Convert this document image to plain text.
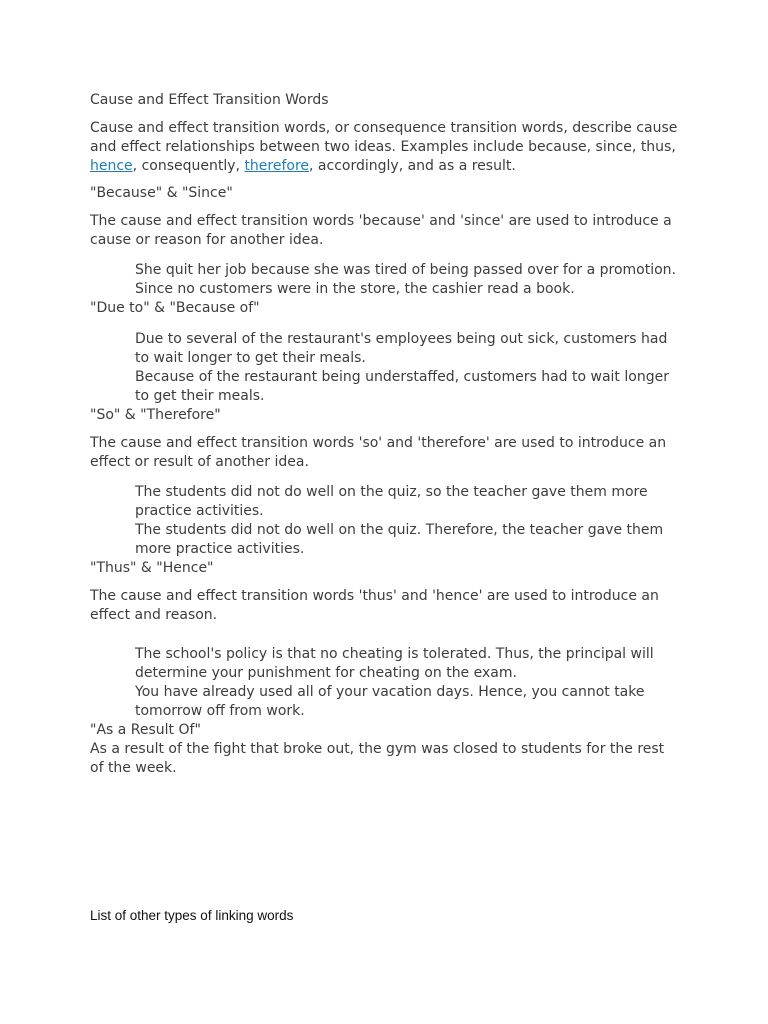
Cause and Effect Transition Words

Cause and effect transition words, or consequence transition words, describe cause and effect relationships between two ideas. Examples include because, since, thus, hence, consequently, therefore, accordingly, and as a result.

"Because" & "Since"

The cause and effect transition words 'because' and 'since' are used to introduce a cause or reason for another idea.

She quit her job because she was tired of being passed over for a promotion.

Since no customers were in the store, the cashier read a book.

"Due to" & "Because of"

Due to several of the restaurant's employees being out sick, customers had to wait longer to get their meals.

Because of the restaurant being understaffed, customers had to wait longer to get their meals.

"So" & "Therefore"

The cause and effect transition words 'so' and 'therefore' are used to introduce an effect or result of another idea.

The students did not do well on the quiz, so the teacher gave them more practice activities.

The students did not do well on the quiz. Therefore, the teacher gave them more practice activities.

"Thus" & "Hence"

The cause and effect transition words 'thus' and 'hence' are used to introduce an effect and reason.

The school's policy is that no cheating is tolerated. Thus, the principal will determine your punishment for cheating on the exam.

You have already used all of your vacation days. Hence, you cannot take tomorrow off from work.

"As a Result Of"

As a result of the fight that broke out, the gym was closed to students for the rest of the week.

List of other types of linking words
